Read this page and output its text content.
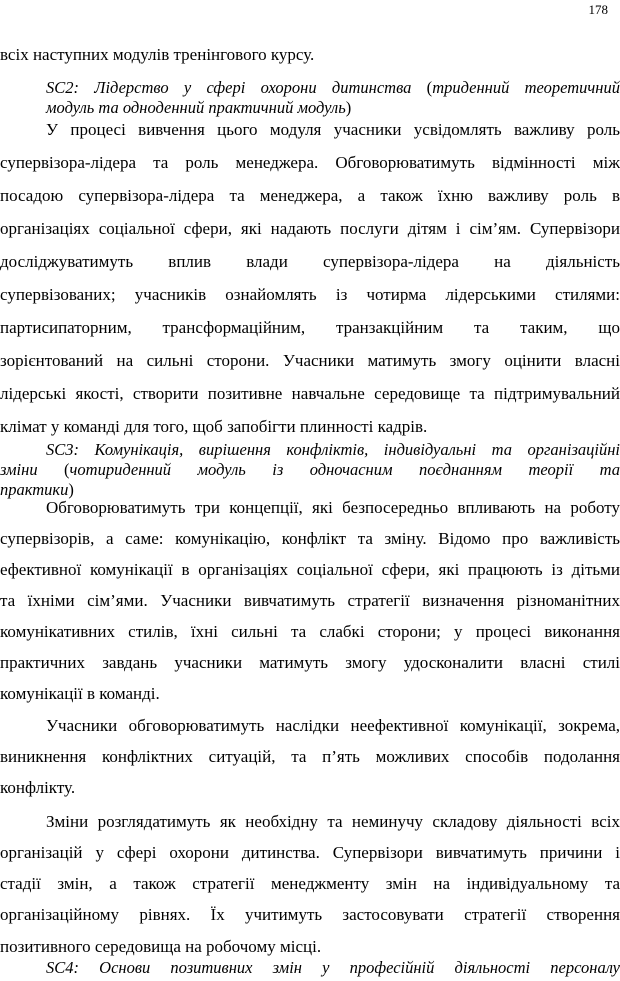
178
всіх наступних модулів тренінгового курсу.
SC2: Лідерство у сфері охорони дитинства (триденний теоретичний
модуль та одноденний практичний модуль)
У процесі вивчення цього модуля учасники усвідомлять важливу роль
супервізора-лідера та роль менеджера. Обговорюватимуть відмінності між
посадою супервізора-лідера та менеджера, а також їхню важливу роль в
організаціях соціальної сфери, які надають послуги дітям і сім’ям. Супервізори
досліджуватимуть вплив влади супервізора-лідера на діяльність
супервізованих; учасників ознайомлять із чотирма лідерськими стилями:
партисипаторним, трансформаційним, транзакційним та таким, що
зорієнтований на сильні сторони. Учасники матимуть змогу оцінити власні
лідерські якості, створити позитивне навчальне середовище та підтримувальний
клімат у команді для того, щоб запобігти плинності кадрів.
SC3: Комунікація, вирішення конфліктів, індивідуальні та організаційні
зміни (чотириденний модуль із одночасним поєднанням теорії та
практики)
Обговорюватимуть три концепції, які безпосередньо впливають на роботу
супервізорів, а саме: комунікацію, конфлікт та зміну. Відомо про важливість
ефективної комунікації в організаціях соціальної сфери, які працюють із дітьми
та їхніми сім’ями. Учасники вивчатимуть стратегії визначення різноманітних
комунікативних стилів, їхні сильні та слабкі сторони; у процесі виконання
практичних завдань учасники матимуть змогу удосконалити власні стилі
комунікації в команді.
Учасники обговорюватимуть наслідки неефективної комунікації, зокрема,
виникнення конфліктних ситуацій, та п’ять можливих способів подолання
конфлікту.
Зміни розглядатимуть як необхідну та неминучу складову діяльності всіх
організацій у сфері охорони дитинства. Супервізори вивчатимуть причини і
стадії змін, а також стратегії менеджменту змін на індивідуальному та
організаційному рівнях. Їх учитимуть застосовувати стратегії створення
SC4: Основи позитивних змін у професійній діяльності персоналу
позитивного середовища на робочому місці.
